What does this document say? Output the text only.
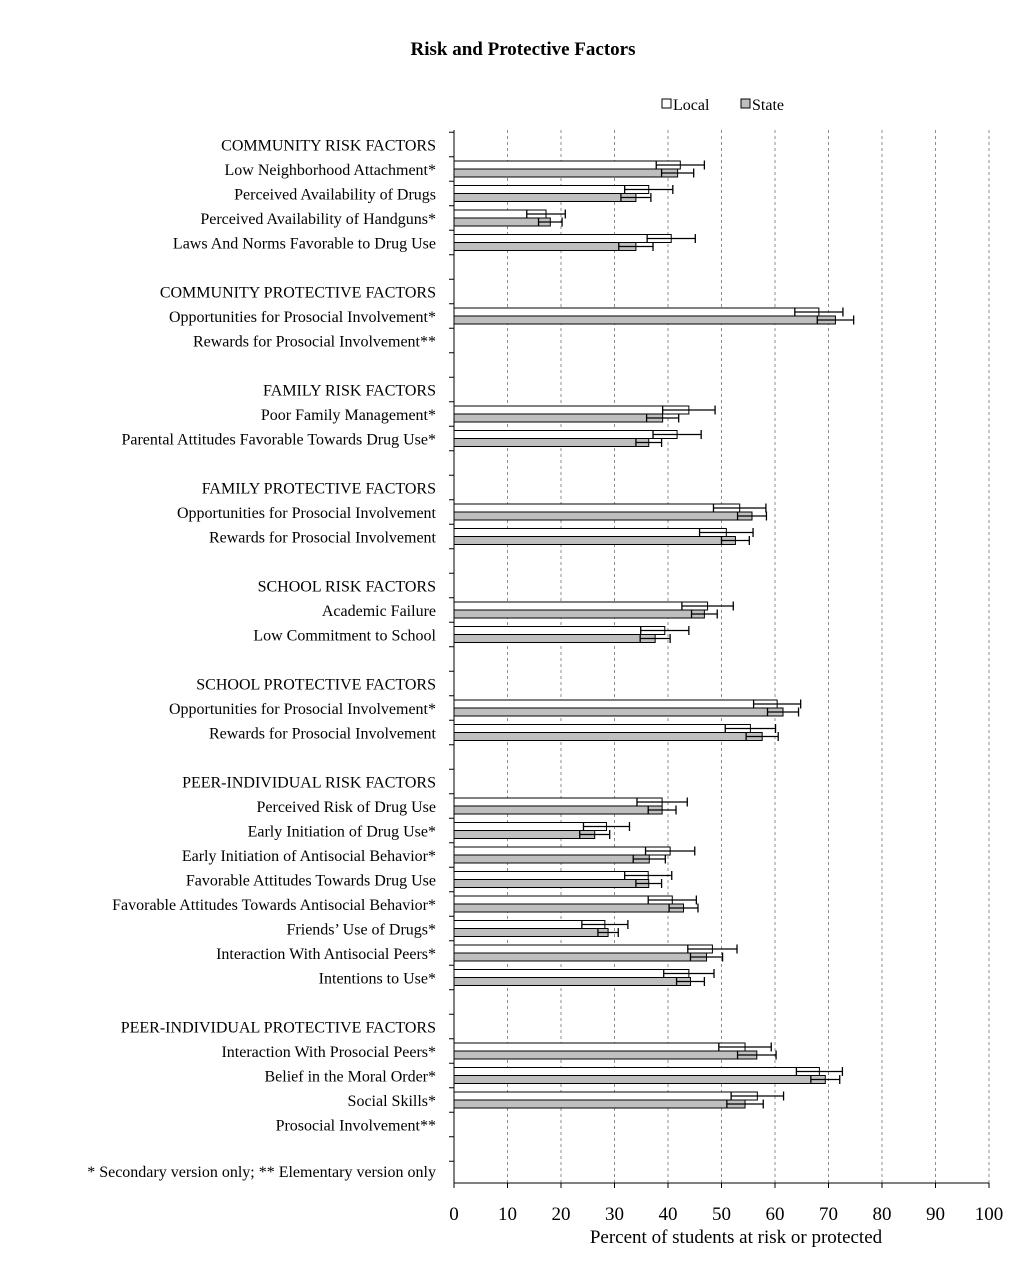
Risk and Protective Factors
Local	State
COMMUNITY RISK FACTORS
Low Neighborhood Attachment*
Perceived Availability of Drugs
Perceived Availability of Handguns*
Laws And Norms Favorable to Drug Use
COMMUNITY PROTECTIVE FACTORS
Opportunities for Prosocial Involvement*
Rewards for Prosocial Involvement**
FAMILY RISK FACTORS
Poor Family Management*
Parental Attitudes Favorable Towards Drug Use*
FAMILY PROTECTIVE FACTORS
Opportunities for Prosocial Involvement
Rewards for Prosocial Involvement
SCHOOL RISK FACTORS
Academic Failure
Low Commitment to School
SCHOOL PROTECTIVE FACTORS
Opportunities for Prosocial Involvement*
Rewards for Prosocial Involvement
PEER-INDIVIDUAL RISK FACTORS
Perceived Risk of Drug Use
Early Initiation of Drug Use*
Early Initiation of Antisocial Behavior*
Favorable Attitudes Towards Drug Use
Favorable Attitudes Towards Antisocial Behavior*
Friends’ Use of Drugs*
Interaction With Antisocial Peers*
Intentions to Use*
PEER-INDIVIDUAL PROTECTIVE FACTORS
Interaction With Prosocial Peers*
Belief in the Moral Order*
Social Skills*
Prosocial Involvement**
0 10 20 30 40 50 60 70 80 90 100
* Secondary version only; ** Elementary version only
Percent of students at risk or protected
